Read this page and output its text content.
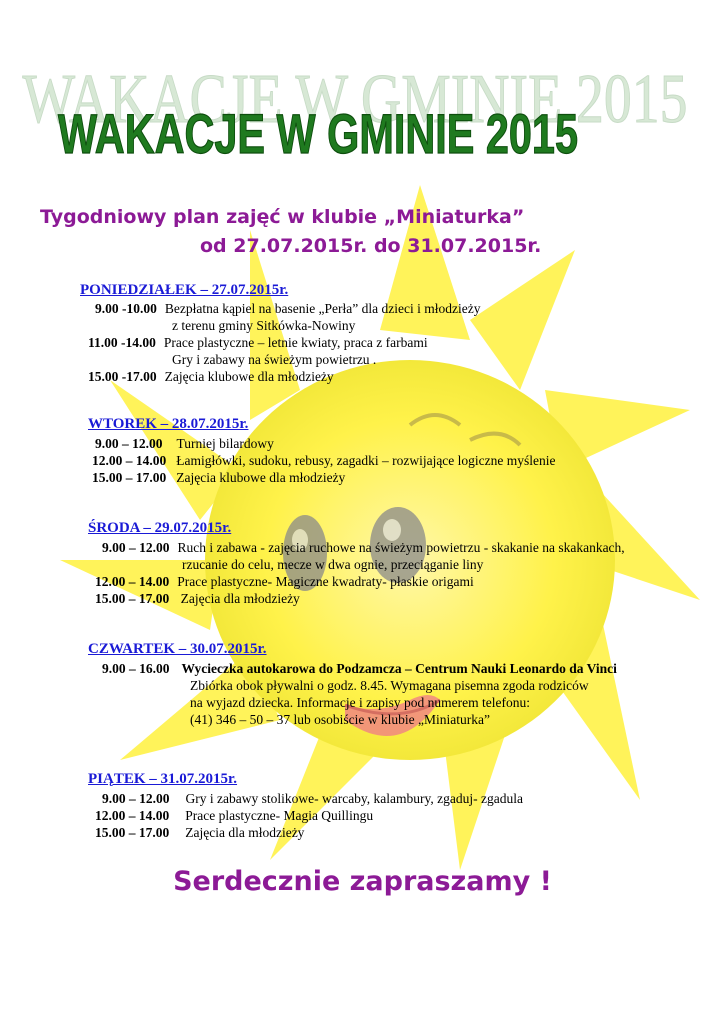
WAKACJE W GMINIE 2015
WAKACJE W GMINIE 2015
Tygodniowy plan zajęć w klubie „Miniaturka”
od 27.07.2015r. do 31.07.2015r.
PONIEDZIAŁEK – 27.07.2015r.
9.00 -10.00 Bezpłatna kąpiel na basenie „Perła” dla dzieci i młodzieży
z terenu gminy Sitkówka-Nowiny
11.00 -14.00 Prace plastyczne – letnie kwiaty, praca z farbami
Gry i zabawy na świeżym powietrzu .
15.00 -17.00 Zajęcia klubowe dla młodzieży
WTOREK – 28.07.2015r.
9.00 – 12.00 Turniej bilardowy
12.00 – 14.00 Łamigłówki, sudoku, rebusy, zagadki – rozwijające logiczne myślenie
15.00 – 17.00 Zajęcia klubowe dla młodzieży
ŚRODA – 29.07.2015r.
9.00 – 12.00 Ruch i zabawa - zajęcia ruchowe na świeżym powietrzu - skakanie na skakankach,
rzucanie do celu, mecze w dwa ognie, przeciąganie liny
12.00 – 14.00 Prace plastyczne- Magiczne kwadraty- płaskie origami
15.00 – 17.00 Zajęcia dla młodzieży
CZWARTEK – 30.07.2015r.
9.00 – 16.00 Wycieczka autokarowa do Podzamcza – Centrum Nauki Leonardo da Vinci
Zbiórka obok pływalni o godz. 8.45. Wymagana pisemna zgoda rodziców
na wyjazd dziecka. Informacje i zapisy pod numerem telefonu:
(41) 346 – 50 – 37 lub osobiście w klubie „Miniaturka”
PIĄTEK – 31.07.2015r.
9.00 – 12.00 Gry i zabawy stolikowe- warcaby, kalambury, zgaduj- zgadula
12.00 – 14.00 Prace plastyczne- Magia Quillingu
15.00 – 17.00 Zajęcia dla młodzieży
Serdecznie zapraszamy !
